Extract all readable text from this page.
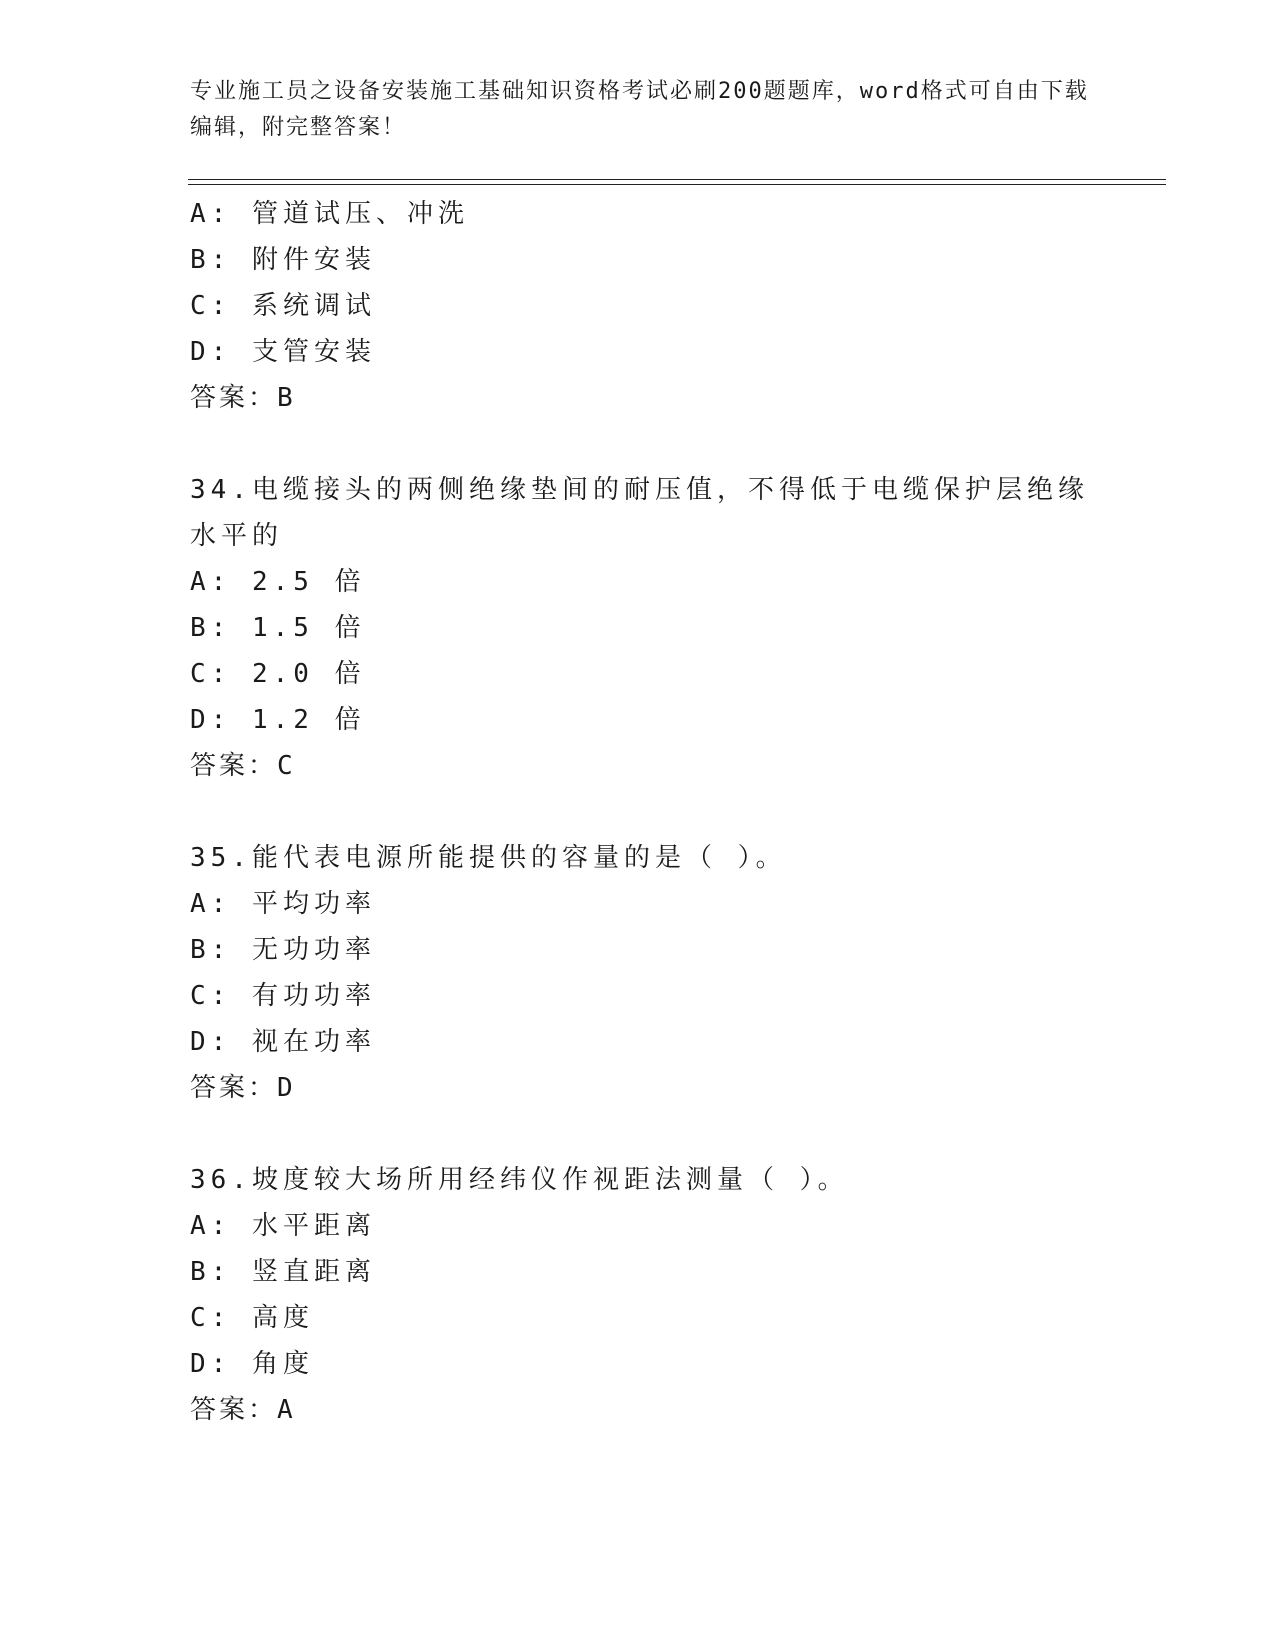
专业施工员之设备安装施工基础知识资格考试必刷200题题库，word格式可自由下载编辑，附完整答案！
A: 管道试压、冲洗
B: 附件安装
C: 系统调试
D: 支管安装
答案：B
34.电缆接头的两侧绝缘垫间的耐压值，不得低于电缆保护层绝缘水平的
A: 2.5 倍
B: 1.5 倍
C: 2.0 倍
D: 1.2 倍
答案：C
35.能代表电源所能提供的容量的是（ ）。
A: 平均功率
B: 无功功率
C: 有功功率
D: 视在功率
答案：D
36.坡度较大场所用经纬仪作视距法测量（ ）。
A: 水平距离
B: 竖直距离
C: 高度
D: 角度
答案：A
